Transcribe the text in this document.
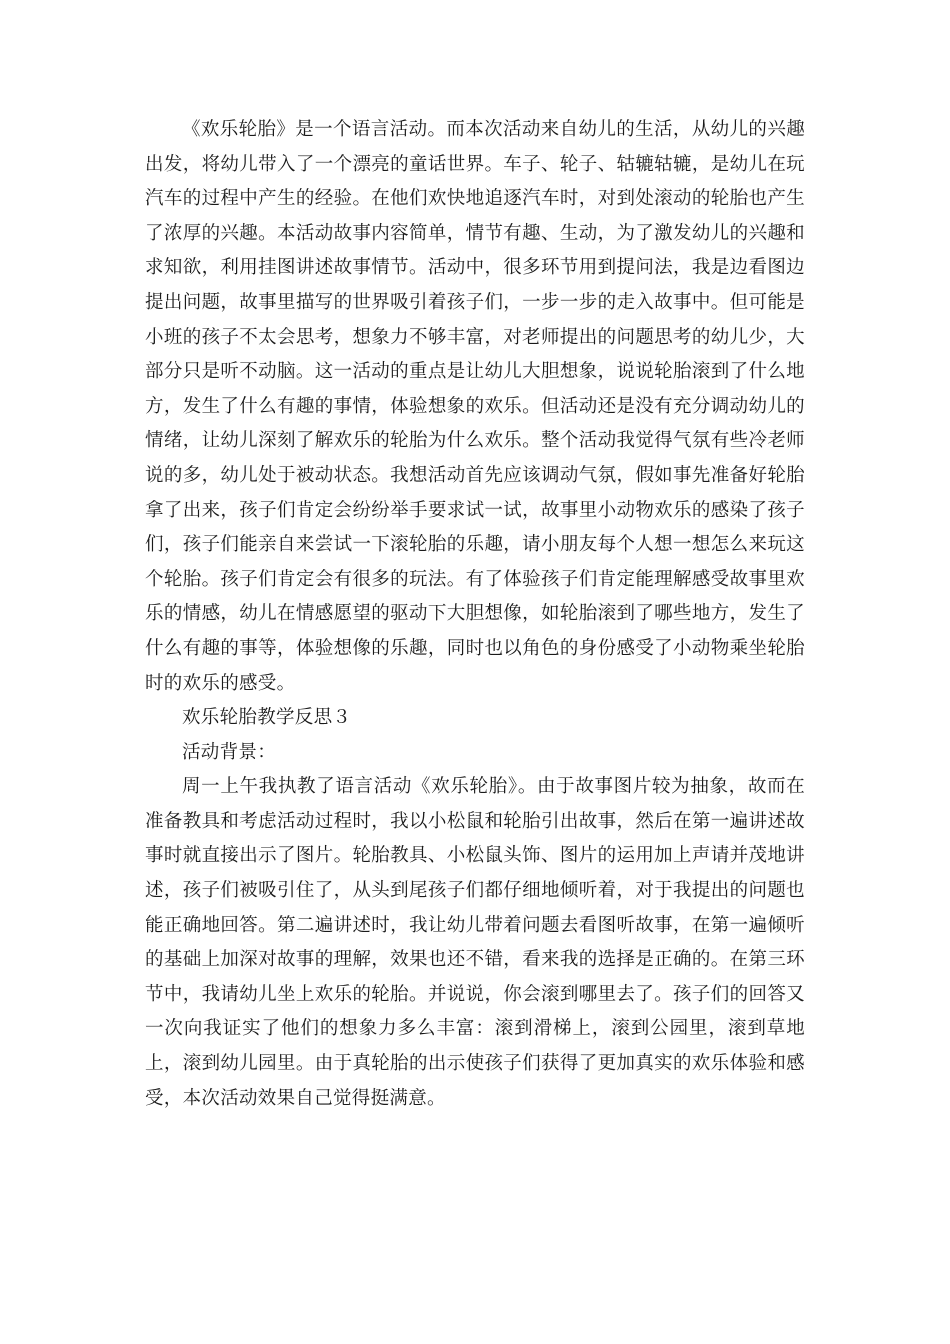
《欢乐轮胎》是一个语言活动。而本次活动来自幼儿的生活，从幼儿的兴趣出发，将幼儿带入了一个漂亮的童话世界。车子、轮子、轱辘轱辘，是幼儿在玩汽车的过程中产生的经验。在他们欢快地追逐汽车时，对到处滚动的轮胎也产生了浓厚的兴趣。本活动故事内容简单，情节有趣、生动，为了激发幼儿的兴趣和求知欲，利用挂图讲述故事情节。活动中，很多环节用到提问法，我是边看图边提出问题，故事里描写的世界吸引着孩子们，一步一步的走入故事中。但可能是小班的孩子不太会思考，想象力不够丰富，对老师提出的问题思考的幼儿少，大部分只是听不动脑。这一活动的重点是让幼儿大胆想象，说说轮胎滚到了什么地方，发生了什么有趣的事情，体验想象的欢乐。但活动还是没有充分调动幼儿的情绪，让幼儿深刻了解欢乐的轮胎为什么欢乐。整个活动我觉得气氛有些冷老师说的多，幼儿处于被动状态。我想活动首先应该调动气氛，假如事先准备好轮胎拿了出来，孩子们肯定会纷纷举手要求试一试，故事里小动物欢乐的感染了孩子们，孩子们能亲自来尝试一下滚轮胎的乐趣，请小朋友每个人想一想怎么来玩这个轮胎。孩子们肯定会有很多的玩法。有了体验孩子们肯定能理解感受故事里欢乐的情感，幼儿在情感愿望的驱动下大胆想像，如轮胎滚到了哪些地方，发生了什么有趣的事等，体验想像的乐趣，同时也以角色的身份感受了小动物乘坐轮胎时的欢乐的感受。

欢乐轮胎教学反思３

活动背景：

周一上午我执教了语言活动《欢乐轮胎》。由于故事图片较为抽象，故而在准备教具和考虑活动过程时，我以小松鼠和轮胎引出故事，然后在第一遍讲述故事时就直接出示了图片。轮胎教具、小松鼠头饰、图片的运用加上声请并茂地讲述，孩子们被吸引住了，从头到尾孩子们都仔细地倾听着，对于我提出的问题也能正确地回答。第二遍讲述时，我让幼儿带着问题去看图听故事，在第一遍倾听的基础上加深对故事的理解，效果也还不错，看来我的选择是正确的。在第三环节中，我请幼儿坐上欢乐的轮胎。并说说，你会滚到哪里去了。孩子们的回答又一次向我证实了他们的想象力多么丰富：滚到滑梯上，滚到公园里，滚到草地上，滚到幼儿园里。由于真轮胎的出示使孩子们获得了更加真实的欢乐体验和感受，本次活动效果自己觉得挺满意。
